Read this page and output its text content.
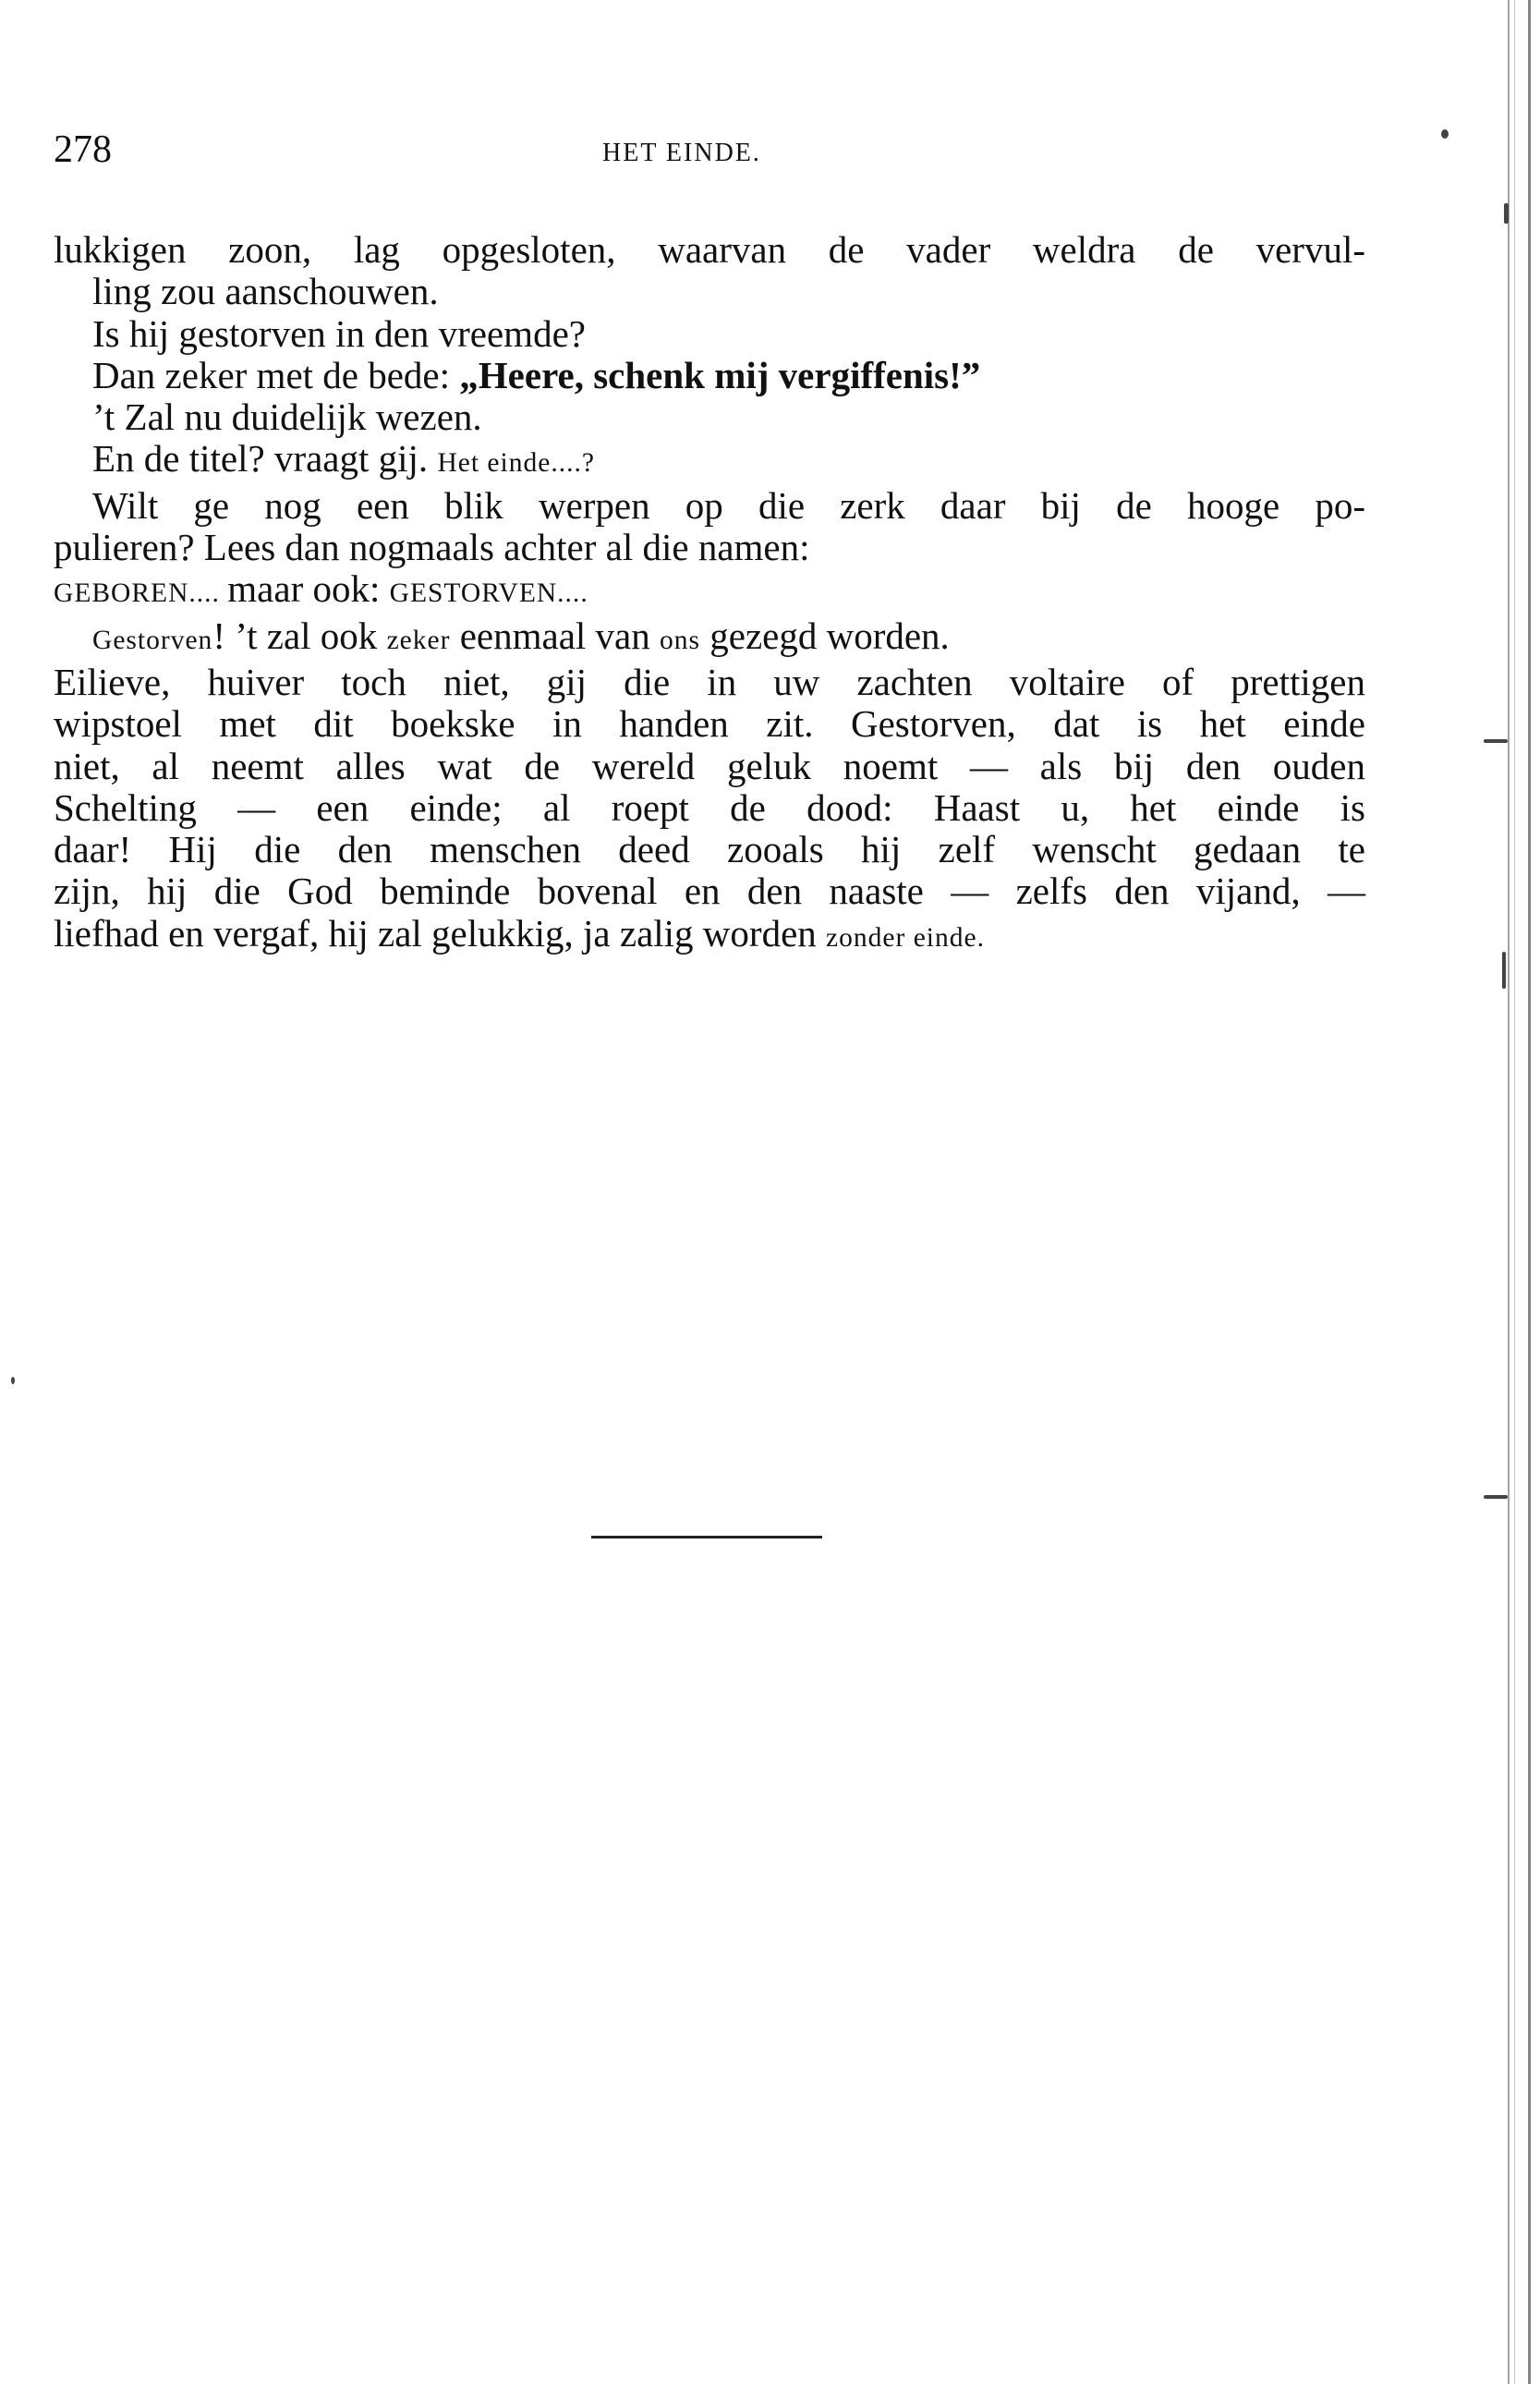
278	HET EINDE.
lukkigen zoon, lag opgesloten, waarvan de vader weldra de vervul-
ling zou aanschouwen.
Is hij gestorven in den vreemde?
Dan zeker met de bede: „Heere, schenk mij vergiffenis!”
’t Zal nu duidelijk wezen.
En de titel? vraagt gij. Het einde....?
Wilt ge nog een blik werpen op die zerk daar bij de hooge po-
pulieren? Lees dan nogmaals achter al die namen:
GEBOREN.... maar ook: GESTORVEN....
Gestorven! ’t zal ook zeker eenmaal van ons gezegd worden.
Eilieve, huiver toch niet, gij die in uw zachten voltaire of prettigen
wipstoel met dit boekske in handen zit. Gestorven, dat is het einde
niet, al neemt alles wat de wereld geluk noemt — als bij den ouden
Schelting — een einde; al roept de dood: Haast u, het einde is
daar! Hij die den menschen deed zooals hij zelf wenscht gedaan te
zijn, hij die God beminde bovenal en den naaste — zelfs den vijand, —
liefhad en vergaf, hij zal gelukkig, ja zalig worden zonder einde.
